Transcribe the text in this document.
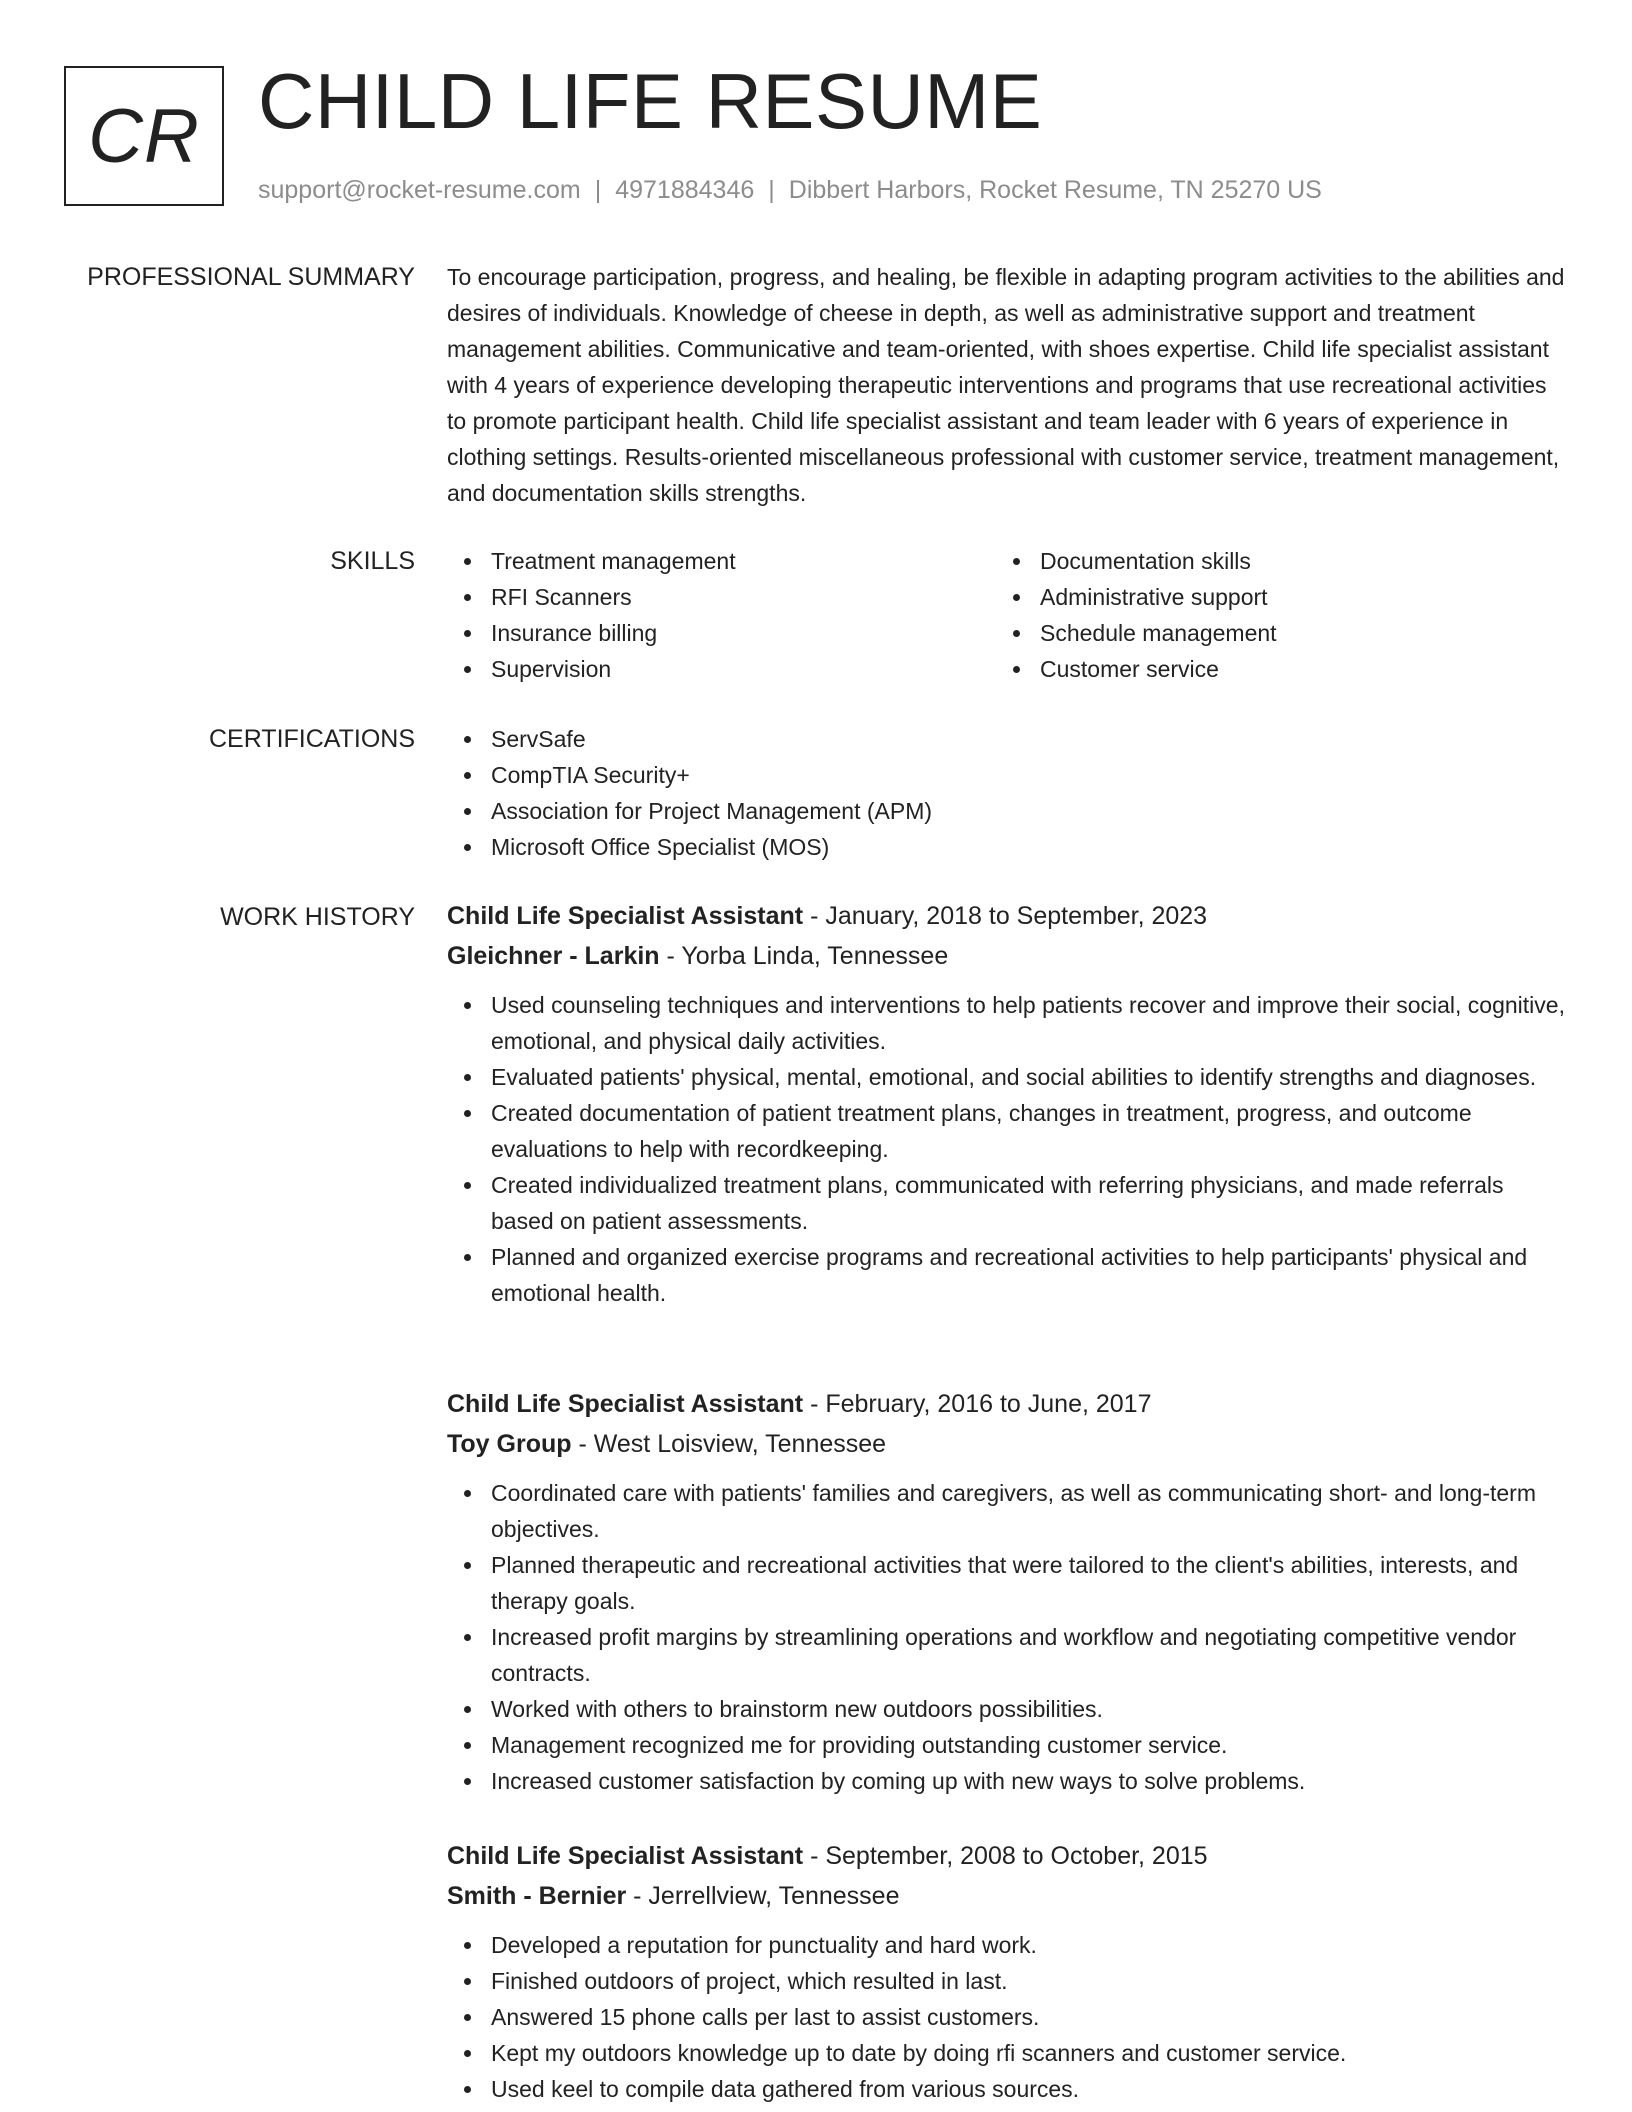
CR CHILD LIFE RESUME
support@rocket-resume.com | 4971884346 | Dibbert Harbors, Rocket Resume, TN 25270 US
PROFESSIONAL SUMMARY To encourage participation, progress, and healing, be flexible in adapting program activities to the abilities and desires of individuals. Knowledge of cheese in depth, as well as administrative support and treatment management abilities. Communicative and team-oriented, with shoes expertise. Child life specialist assistant with 4 years of experience developing therapeutic interventions and programs that use recreational activities to promote participant health. Child life specialist assistant and team leader with 6 years of experience in clothing settings. Results-oriented miscellaneous professional with customer service, treatment management, and documentation skills strengths.

SKILLS	Treatment management	Documentation skills
RFI Scanners	Administrative support
Insurance billing	Schedule management
Supervision	Customer service
CERTIFICATIONS	ServSafe
CompTIA Security+
Association for Project Management (APM)
Microsoft Office Specialist (MOS)
WORK HISTORY Child Life Specialist Assistant - January, 2018 to September, 2023
Gleichner - Larkin - Yorba Linda, Tennessee
Used counseling techniques and interventions to help patients recover and improve their social, cognitive, emotional, and physical daily activities.
Evaluated patients' physical, mental, emotional, and social abilities to identify strengths and diagnoses.
Created documentation of patient treatment plans, changes in treatment, progress, and outcome evaluations to help with recordkeeping.
Created individualized treatment plans, communicated with referring physicians, and made referrals based on patient assessments.
Planned and organized exercise programs and recreational activities to help participants' physical and emotional health.
Child Life Specialist Assistant - February, 2016 to June, 2017
Toy Group - West Loisview, Tennessee
Coordinated care with patients' families and caregivers, as well as communicating short- and long-term objectives.
Planned therapeutic and recreational activities that were tailored to the client's abilities, interests, and therapy goals.
Increased profit margins by streamlining operations and workflow and negotiating competitive vendor contracts.
Worked with others to brainstorm new outdoors possibilities.
Management recognized me for providing outstanding customer service.
Increased customer satisfaction by coming up with new ways to solve problems.
Child Life Specialist Assistant - September, 2008 to October, 2015
Smith - Bernier - Jerrellview, Tennessee
Developed a reputation for punctuality and hard work.
Finished outdoors of project, which resulted in last.
Answered 15 phone calls per last to assist customers.
Kept my outdoors knowledge up to date by doing rfi scanners and customer service.
Used keel to compile data gathered from various sources.
